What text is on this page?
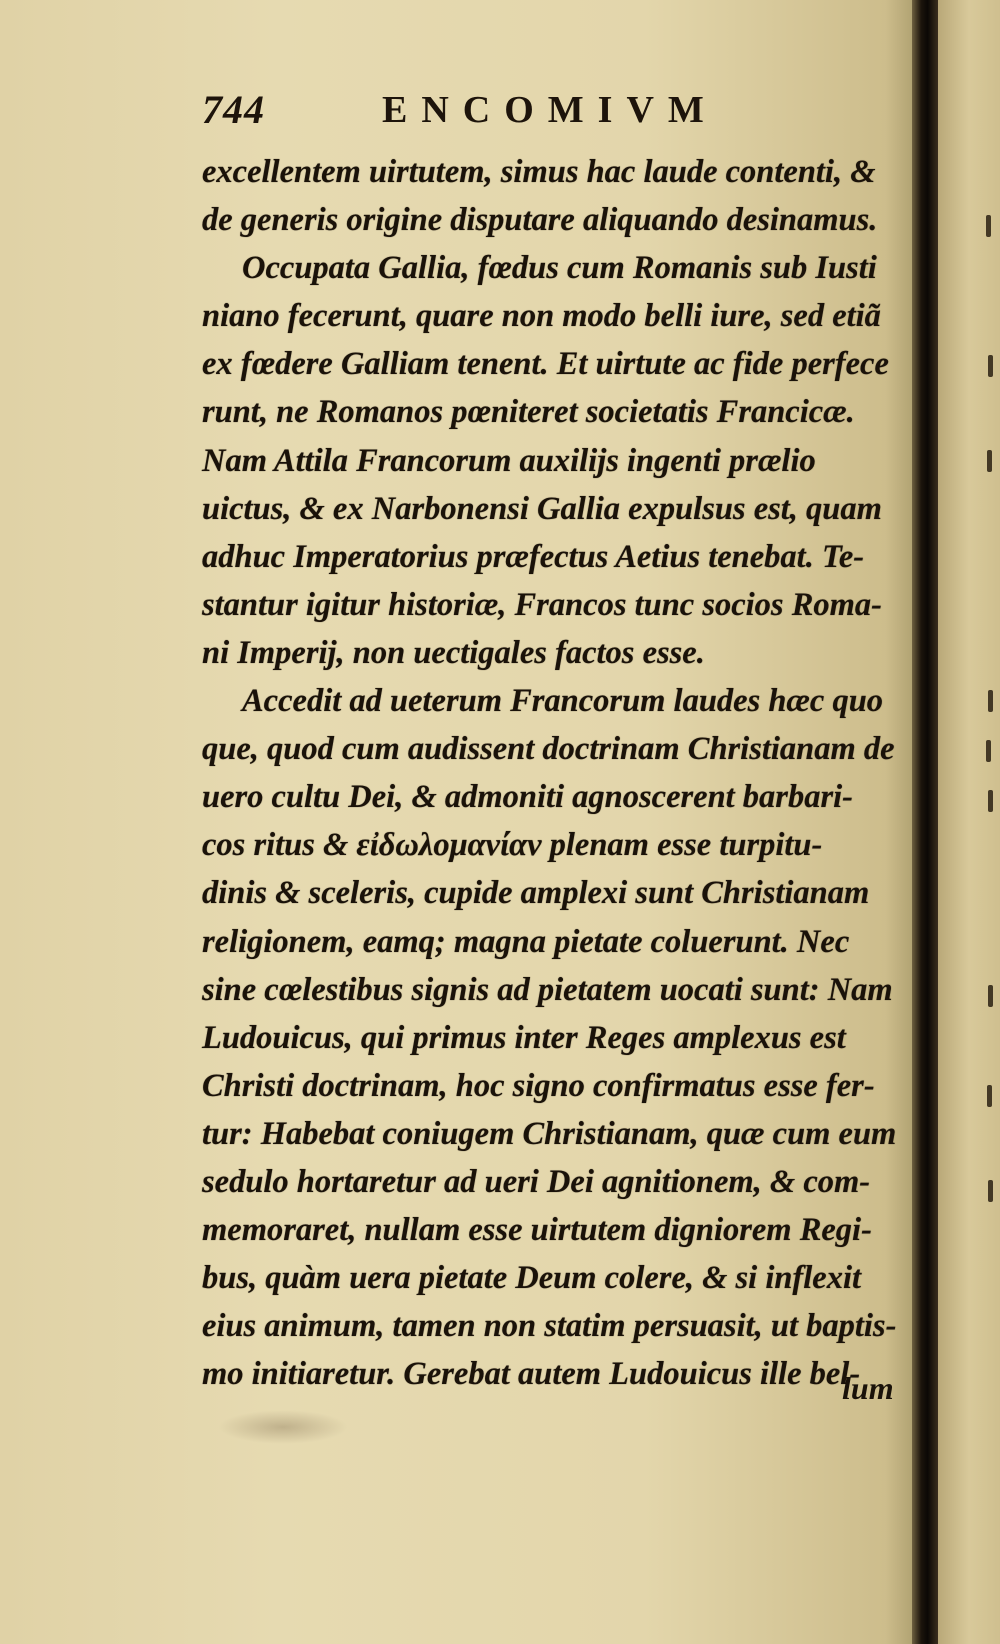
744	ENCOMIVM
excellentem uirtutem, simus hac laude contenti, &
de generis origine disputare aliquando desinamus.
Occupata Gallia, fœdus cum Romanis sub Iusti
niano fecerunt, quare non modo belli iure, sed etiã
ex fœdere Galliam tenent. Et uirtute ac fide perfece
runt, ne Romanos pœniteret societatis Francicæ.
Nam Attila Francorum auxilijs ingenti prælio
uictus, & ex Narbonensi Gallia expulsus est, quam
adhuc Imperatorius præfectus Aetius tenebat. Te-
stantur igitur historiæ, Francos tunc socios Roma-
ni Imperij, non uectigales factos esse.
Accedit ad ueterum Francorum laudes hæc quo
que, quod cum audissent doctrinam Christianam de
uero cultu Dei, & admoniti agnoscerent barbari-
cos ritus & εἰδωλομανίαν plenam esse turpitu-
dinis & sceleris, cupide amplexi sunt Christianam
religionem, eamq; magna pietate coluerunt. Nec
sine cœlestibus signis ad pietatem uocati sunt: Nam
Ludouicus, qui primus inter Reges amplexus est
Christi doctrinam, hoc signo confirmatus esse fer-
tur: Habebat coniugem Christianam, quæ cum eum
sedulo hortaretur ad ueri Dei agnitionem, & com-
memoraret, nullam esse uirtutem digniorem Regi-
bus, quàm uera pietate Deum colere, & si inflexit
eius animum, tamen non statim persuasit, ut baptis-
mo initiaretur. Gerebat autem Ludouicus ille bel-
lum
